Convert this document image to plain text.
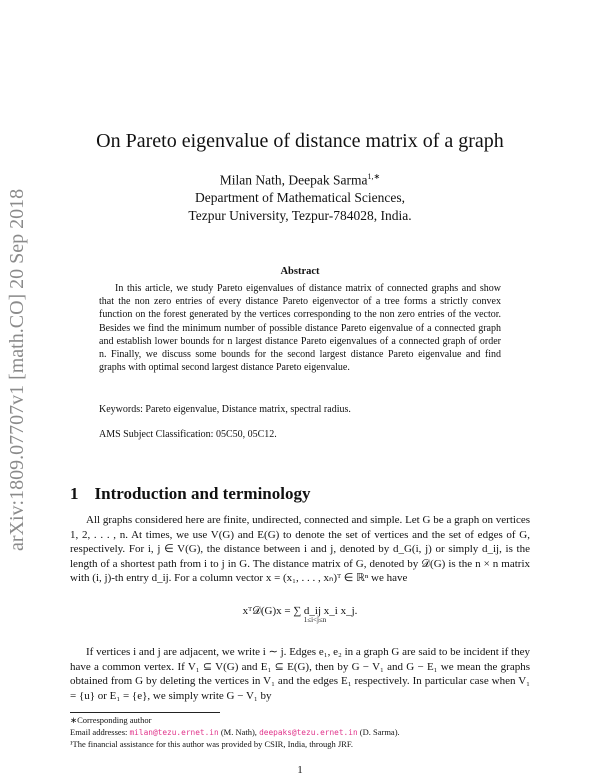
arXiv:1809.07707v1 [math.CO] 20 Sep 2018
On Pareto eigenvalue of distance matrix of a graph
Milan Nath, Deepak Sarma$^{1,∗}$
Department of Mathematical Sciences,
Tezpur University, Tezpur-784028, India.
Abstract
In this article, we study Pareto eigenvalues of distance matrix of connected graphs and show that the non zero entries of every distance Pareto eigenvector of a tree forms a strictly convex function on the forest generated by the vertices corresponding to the non zero entries of the vector. Besides we find the minimum number of possible distance Pareto eigenvalue of a connected graph and establish lower bounds for n largest distance Pareto eigenvalues of a connected graph of order n. Finally, we discuss some bounds for the second largest distance Pareto eigenvalue and find graphs with optimal second largest distance Pareto eigenvalue.
Keywords: Pareto eigenvalue, Distance matrix, spectral radius.
AMS Subject Classification: 05C50, 05C12.
1 Introduction and terminology
All graphs considered here are finite, undirected, connected and simple. Let G be a graph on vertices 1, 2, . . . , n. At times, we use V(G) and E(G) to denote the set of vertices and the set of edges of G, respectively. For i, j ∈ V(G), the distance between i and j, denoted by d_G(i, j) or simply d_ij, is the length of a shortest path from i to j in G. The distance matrix of G, denoted by 𝒟(G) is the n × n matrix with (i, j)-th entry d_ij. For a column vector x = (x₁, . . . , xₙ)ᵀ ∈ ℝⁿ we have
xᵀ𝒟(G)x = ∑ d_ij x_i x_j.
1≤i<j≤n
If vertices i and j are adjacent, we write i ∼ j. Edges e₁, e₂ in a graph G are said to be incident if they have a common vertex. If V₁ ⊆ V(G) and E₁ ⊆ E(G), then by G − V₁ and G − E₁ we mean the graphs obtained from G by deleting the vertices in V₁ and the edges E₁ respectively. In particular case when V₁ = {u} or E₁ = {e}, we simply write G − V₁ by
∗Corresponding author
Email addresses: milan@tezu.ernet.in (M. Nath), deepaks@tezu.ernet.in (D. Sarma).
¹The financial assistance for this author was provided by CSIR, India, through JRF.
1
